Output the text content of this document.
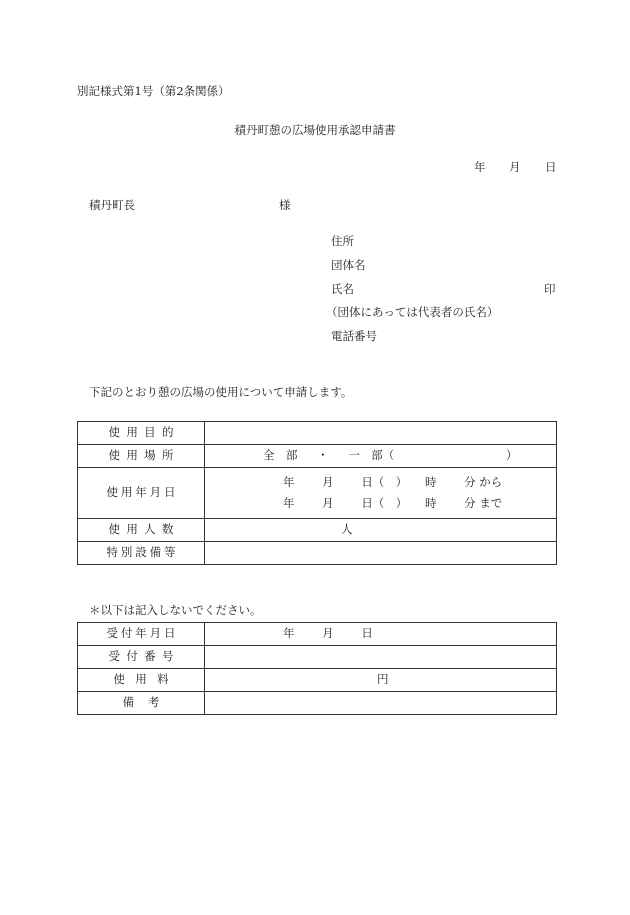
別記様式第1号（第2条関係）
積丹町憩の広場使用承認申請書
年 月 日
積丹町長	様
住所
団体名
氏名	印
（団体にあっては代表者の氏名）
電話番号
下記のとおり憩の広場の使用について申請します。
使用目的	
使用場所	全　部 ・ 一　部（ ）
使用年月日	年 月 日（　） 時 分 から
年 月 日（　） 時 分 まで

使用人数	人
特別設備等	
＊以下は記入しないでください。
受付年月日	年 月 日
受付番号	
使用料	円
備考	
